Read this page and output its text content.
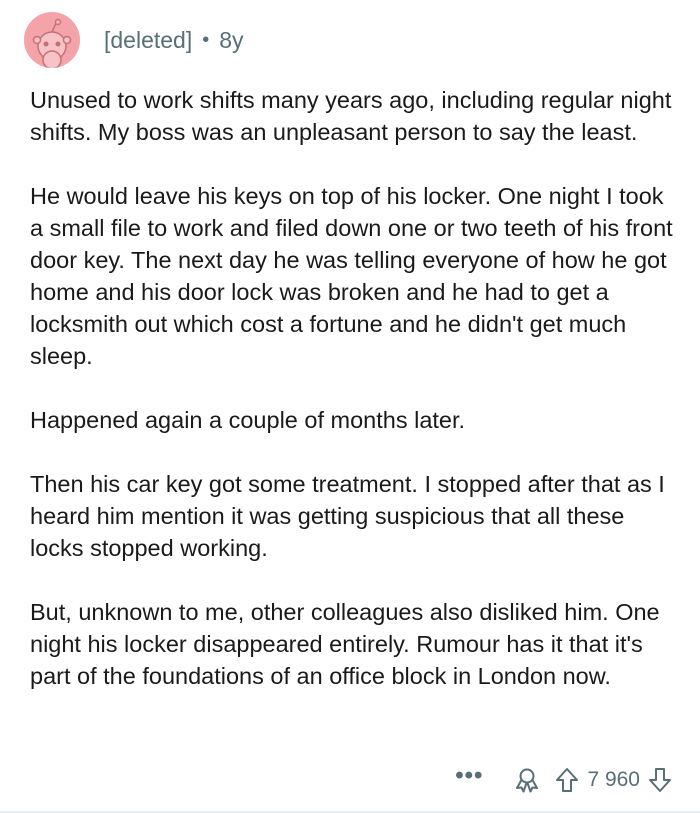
[deleted] • 8y

Unused to work shifts many years ago, including regular night shifts. My boss was an unpleasant person to say the least.

He would leave his keys on top of his locker. One night I took a small file to work and filed down one or two teeth of his front door key. The next day he was telling everyone of how he got home and his door lock was broken and he had to get a locksmith out which cost a fortune and he didn't get much sleep.

Happened again a couple of months later.

Then his car key got some treatment. I stopped after that as I heard him mention it was getting suspicious that all these locks stopped working.

But, unknown to me, other colleagues also disliked him. One night his locker disappeared entirely. Rumour has it that it's part of the foundations of an office block in London now.

•••	7 960
